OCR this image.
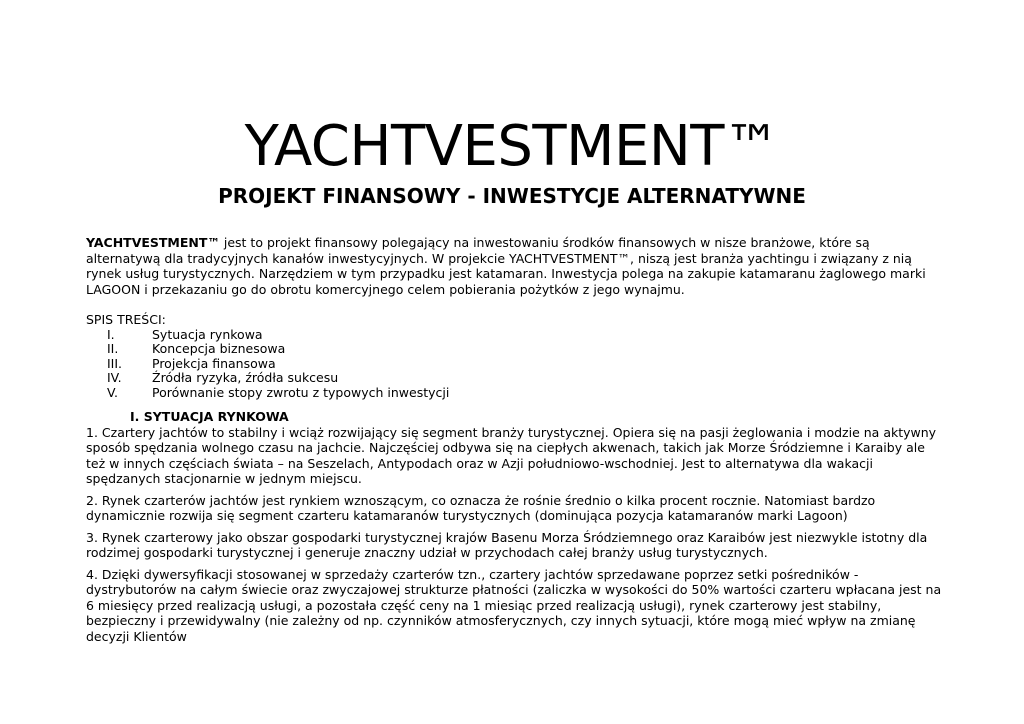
YACHTVESTMENT™
PROJEKT FINANSOWY - INWESTYCJE ALTERNATYWNE

YACHTVESTMENT™ jest to projekt finansowy polegający na inwestowaniu środków finansowych w nisze branżowe, które są alternatywą dla tradycyjnych kanałów inwestycyjnych. W projekcie YACHTVESTMENT™, niszą jest branża yachtingu i związany z nią rynek usług turystycznych. Narzędziem w tym przypadku jest katamaran. Inwestycja polega na zakupie katamaranu żaglowego marki LAGOON i przekazaniu go do obrotu komercyjnego celem pobierania pożytków z jego wynajmu.

SPIS TREŚCI:

I.	Sytuacja rynkowa
II.	Koncepcja biznesowa
III.	Projekcja finansowa
IV.	Źródła ryzyka, źródła sukcesu
V.	Porównanie stopy zwrotu z typowych inwestycji

I. SYTUACJA RYNKOWA

1. Czartery jachtów to stabilny i wciąż rozwijający się segment branży turystycznej. Opiera się na pasji żeglowania i modzie na aktywny sposób spędzania wolnego czasu na jachcie. Najczęściej odbywa się na ciepłych akwenach, takich jak Morze Śródziemne i Karaiby ale też w innych częściach świata – na Seszelach, Antypodach oraz w Azji południowo-wschodniej. Jest to alternatywa dla wakacji spędzanych stacjonarnie w jednym miejscu.

2. Rynek czarterów jachtów jest rynkiem wznoszącym, co oznacza że rośnie średnio o kilka procent rocznie. Natomiast bardzo dynamicznie rozwija się segment czarteru katamaranów turystycznych (dominująca pozycja katamaranów marki Lagoon)

3. Rynek czarterowy jako obszar gospodarki turystycznej krajów Basenu Morza Śródziemnego oraz Karaibów jest niezwykle istotny dla rodzimej gospodarki turystycznej i generuje znaczny udział w przychodach całej branży usług turystycznych.

4. Dzięki dywersyfikacji stosowanej w sprzedaży czarterów tzn., czartery jachtów sprzedawane poprzez setki pośredników - dystrybutorów na całym świecie oraz zwyczajowej strukturze płatności (zaliczka w wysokości do 50% wartości czarteru wpłacana jest na 6 miesięcy przed realizacją usługi, a pozostała część ceny na 1 miesiąc przed realizacją usługi), rynek czarterowy jest stabilny, bezpieczny i przewidywalny (nie zależny od np. czynników atmosferycznych, czy innych sytuacji, które mogą mieć wpływ na zmianę decyzji Klientów
